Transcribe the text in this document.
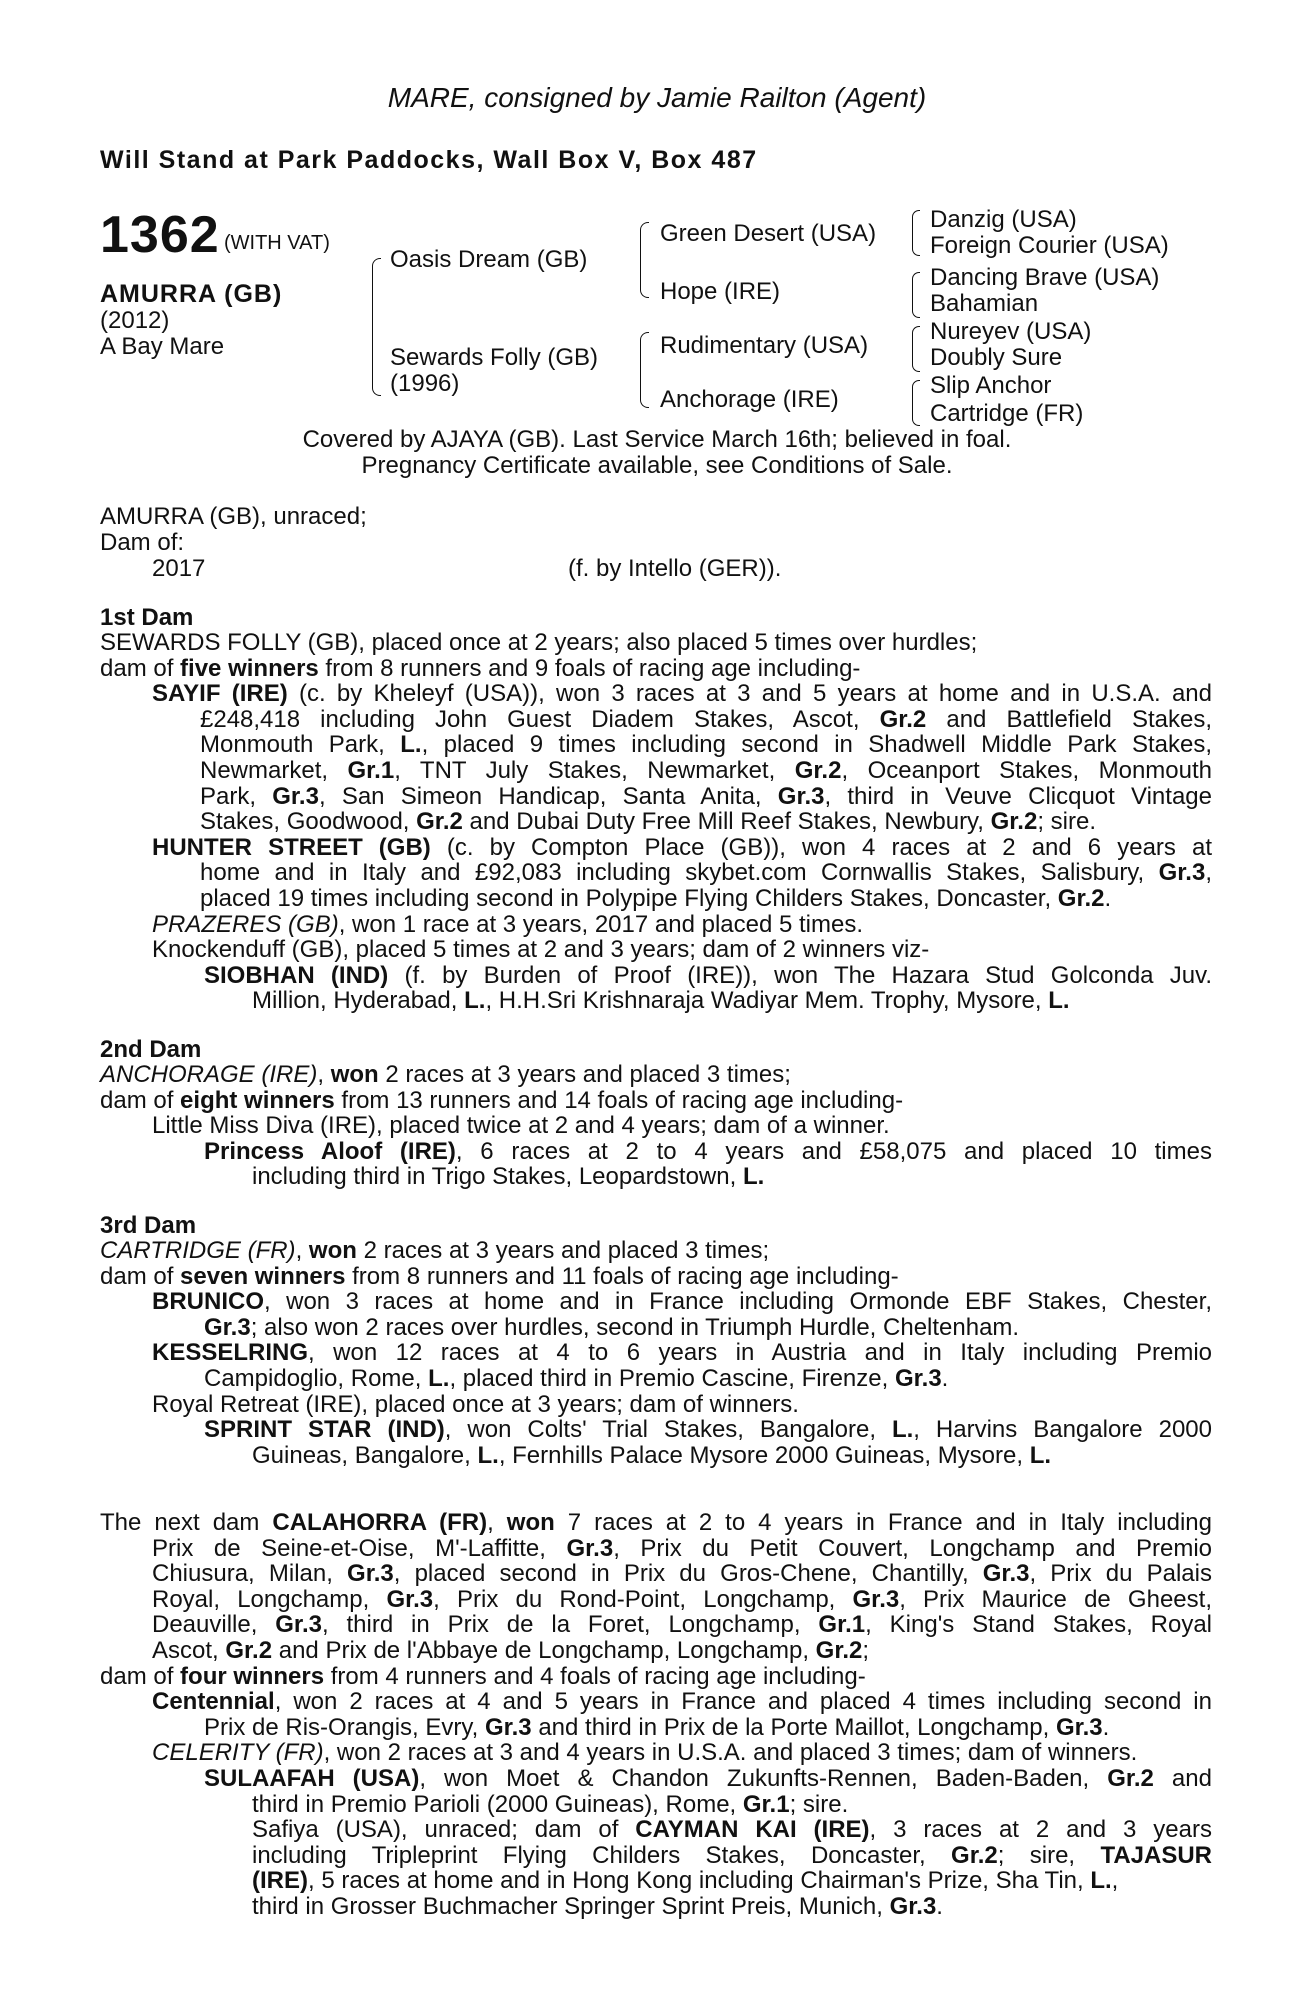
MARE, consigned by Jamie Railton (Agent)
Will Stand at Park Paddocks, Wall Box V, Box 487
1362 (WITH VAT)
AMURRA (GB)
(2012)
A Bay Mare
Oasis Dream (GB)
Sewards Folly (GB)
(1996)
Green Desert (USA)
Hope (IRE)
Rudimentary (USA)
Anchorage (IRE)
Danzig (USA)
Foreign Courier (USA)
Dancing Brave (USA)
Bahamian
Nureyev (USA)
Doubly Sure
Slip Anchor
Cartridge (FR)
Covered by AJAYA (GB). Last Service March 16th; believed in foal.
Pregnancy Certificate available, see Conditions of Sale.
AMURRA (GB), unraced;
Dam of:
2017	(f. by Intello (GER)).
1st Dam
SEWARDS FOLLY (GB), placed once at 2 years; also placed 5 times over hurdles;
dam of five winners from 8 runners and 9 foals of racing age including-
SAYIF (IRE) (c. by Kheleyf (USA)), won 3 races at 3 and 5 years at home and in U.S.A. and
£248,418 including John Guest Diadem Stakes, Ascot, Gr.2 and Battlefield Stakes,
Monmouth Park, L., placed 9 times including second in Shadwell Middle Park Stakes,
Newmarket, Gr.1, TNT July Stakes, Newmarket, Gr.2, Oceanport Stakes, Monmouth
Park, Gr.3, San Simeon Handicap, Santa Anita, Gr.3, third in Veuve Clicquot Vintage
Stakes, Goodwood, Gr.2 and Dubai Duty Free Mill Reef Stakes, Newbury, Gr.2; sire.
HUNTER STREET (GB) (c. by Compton Place (GB)), won 4 races at 2 and 6 years at
home and in Italy and £92,083 including skybet.com Cornwallis Stakes, Salisbury, Gr.3,
placed 19 times including second in Polypipe Flying Childers Stakes, Doncaster, Gr.2.
PRAZERES (GB), won 1 race at 3 years, 2017 and placed 5 times.
Knockenduff (GB), placed 5 times at 2 and 3 years; dam of 2 winners viz-
SIOBHAN (IND) (f. by Burden of Proof (IRE)), won The Hazara Stud Golconda Juv.
Million, Hyderabad, L., H.H.Sri Krishnaraja Wadiyar Mem. Trophy, Mysore, L.
2nd Dam
ANCHORAGE (IRE), won 2 races at 3 years and placed 3 times;
dam of eight winners from 13 runners and 14 foals of racing age including-
Little Miss Diva (IRE), placed twice at 2 and 4 years; dam of a winner.
Princess Aloof (IRE), 6 races at 2 to 4 years and £58,075 and placed 10 times
including third in Trigo Stakes, Leopardstown, L.
3rd Dam
CARTRIDGE (FR), won 2 races at 3 years and placed 3 times;
dam of seven winners from 8 runners and 11 foals of racing age including-
BRUNICO, won 3 races at home and in France including Ormonde EBF Stakes, Chester,
Gr.3; also won 2 races over hurdles, second in Triumph Hurdle, Cheltenham.
KESSELRING, won 12 races at 4 to 6 years in Austria and in Italy including Premio
Campidoglio, Rome, L., placed third in Premio Cascine, Firenze, Gr.3.
Royal Retreat (IRE), placed once at 3 years; dam of winners.
SPRINT STAR (IND), won Colts' Trial Stakes, Bangalore, L., Harvins Bangalore 2000
Guineas, Bangalore, L., Fernhills Palace Mysore 2000 Guineas, Mysore, L.
The next dam CALAHORRA (FR), won 7 races at 2 to 4 years in France and in Italy including
Prix de Seine-et-Oise, M'-Laffitte, Gr.3, Prix du Petit Couvert, Longchamp and Premio
Chiusura, Milan, Gr.3, placed second in Prix du Gros-Chene, Chantilly, Gr.3, Prix du Palais
Royal, Longchamp, Gr.3, Prix du Rond-Point, Longchamp, Gr.3, Prix Maurice de Gheest,
Deauville, Gr.3, third in Prix de la Foret, Longchamp, Gr.1, King's Stand Stakes, Royal
Ascot, Gr.2 and Prix de l'Abbaye de Longchamp, Longchamp, Gr.2;
dam of four winners from 4 runners and 4 foals of racing age including-
Centennial, won 2 races at 4 and 5 years in France and placed 4 times including second in
Prix de Ris-Orangis, Evry, Gr.3 and third in Prix de la Porte Maillot, Longchamp, Gr.3.
CELERITY (FR), won 2 races at 3 and 4 years in U.S.A. and placed 3 times; dam of winners.
SULAAFAH (USA), won Moet & Chandon Zukunfts-Rennen, Baden-Baden, Gr.2 and
third in Premio Parioli (2000 Guineas), Rome, Gr.1; sire.
Safiya (USA), unraced; dam of CAYMAN KAI (IRE), 3 races at 2 and 3 years
including Tripleprint Flying Childers Stakes, Doncaster, Gr.2; sire, TAJASUR
(IRE), 5 races at home and in Hong Kong including Chairman's Prize, Sha Tin, L.,
third in Grosser Buchmacher Springer Sprint Preis, Munich, Gr.3.
